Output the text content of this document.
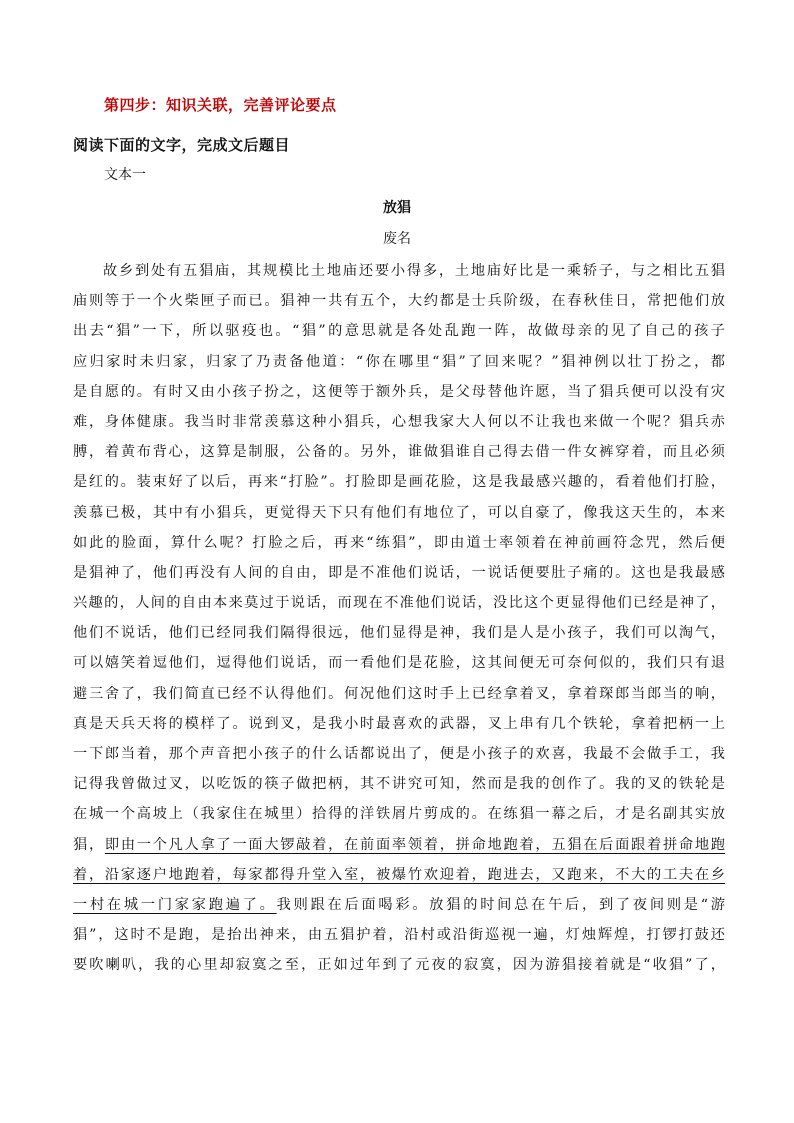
第四步：知识关联，完善评论要点
阅读下面的文字，完成文后题目
文本一
放猖
废名
故乡到处有五猖庙，其规模比土地庙还要小得多，土地庙好比是一乘轿子，与之相比五猖
庙则等于一个火柴匣子而已。猖神一共有五个，大约都是士兵阶级，在春秋佳日，常把他们放
出去“猖”一下，所以驱疫也。“猖”的意思就是各处乱跑一阵，故做母亲的见了自己的孩子
应归家时未归家，归家了乃责备他道：“你在哪里“猖”了回来呢？”猖神例以壮丁扮之，都
是自愿的。有时又由小孩子扮之，这便等于额外兵，是父母替他许愿，当了猖兵便可以没有灾
难，身体健康。我当时非常羡慕这种小猖兵，心想我家大人何以不让我也来做一个呢？猖兵赤
膊，着黄布背心，这算是制服，公备的。另外，谁做猖谁自己得去借一件女裤穿着，而且必须
是红的。装束好了以后，再来“打脸”。打脸即是画花脸，这是我最感兴趣的，看着他们打脸，
羡慕已极，其中有小猖兵，更觉得天下只有他们有地位了，可以自豪了，像我这天生的，本来
如此的脸面，算什么呢？打脸之后，再来“练猖”，即由道士率领着在神前画符念咒，然后便
是猖神了，他们再没有人间的自由，即是不准他们说话，一说话便要肚子痛的。这也是我最感
兴趣的，人间的自由本来莫过于说话，而现在不准他们说话，没比这个更显得他们已经是神了，
他们不说话，他们已经同我们隔得很远，他们显得是神，我们是人是小孩子，我们可以淘气，
可以嬉笑着逗他们，逗得他们说话，而一看他们是花脸，这其间便无可奈何似的，我们只有退
避三舍了，我们简直已经不认得他们。何况他们这时手上已经拿着叉，拿着琛郎当郎当的响，
真是天兵天将的模样了。说到叉，是我小时最喜欢的武器，叉上串有几个铁轮，拿着把柄一上
一下郎当着，那个声音把小孩子的什么话都说出了，便是小孩子的欢喜，我最不会做手工，我
记得我曾做过叉，以吃饭的筷子做把柄，其不讲究可知，然而是我的创作了。我的叉的铁轮是
在城一个高坡上（我家住在城里）拾得的洋铁屑片剪成的。在练猖一幕之后，才是名副其实放
猖，即由一个凡人拿了一面大锣敲着，在前面率领着，拼命地跑着，五猖在后面跟着拼命地跑
着，沿家逐户地跑着，每家都得升堂入室，被爆竹欢迎着，跑进去，又跑来，不大的工夫在乡
一村在城一门家家跑遍了。我则跟在后面喝彩。放猖的时间总在午后，到了夜间则是“游
猖”，这时不是跑，是抬出神来，由五猖护着，沿村或沿街巡视一遍，灯烛辉煌，打锣打鼓还
要吹喇叭，我的心里却寂寞之至，正如过年到了元夜的寂寞，因为游猖接着就是“收猖”了，
